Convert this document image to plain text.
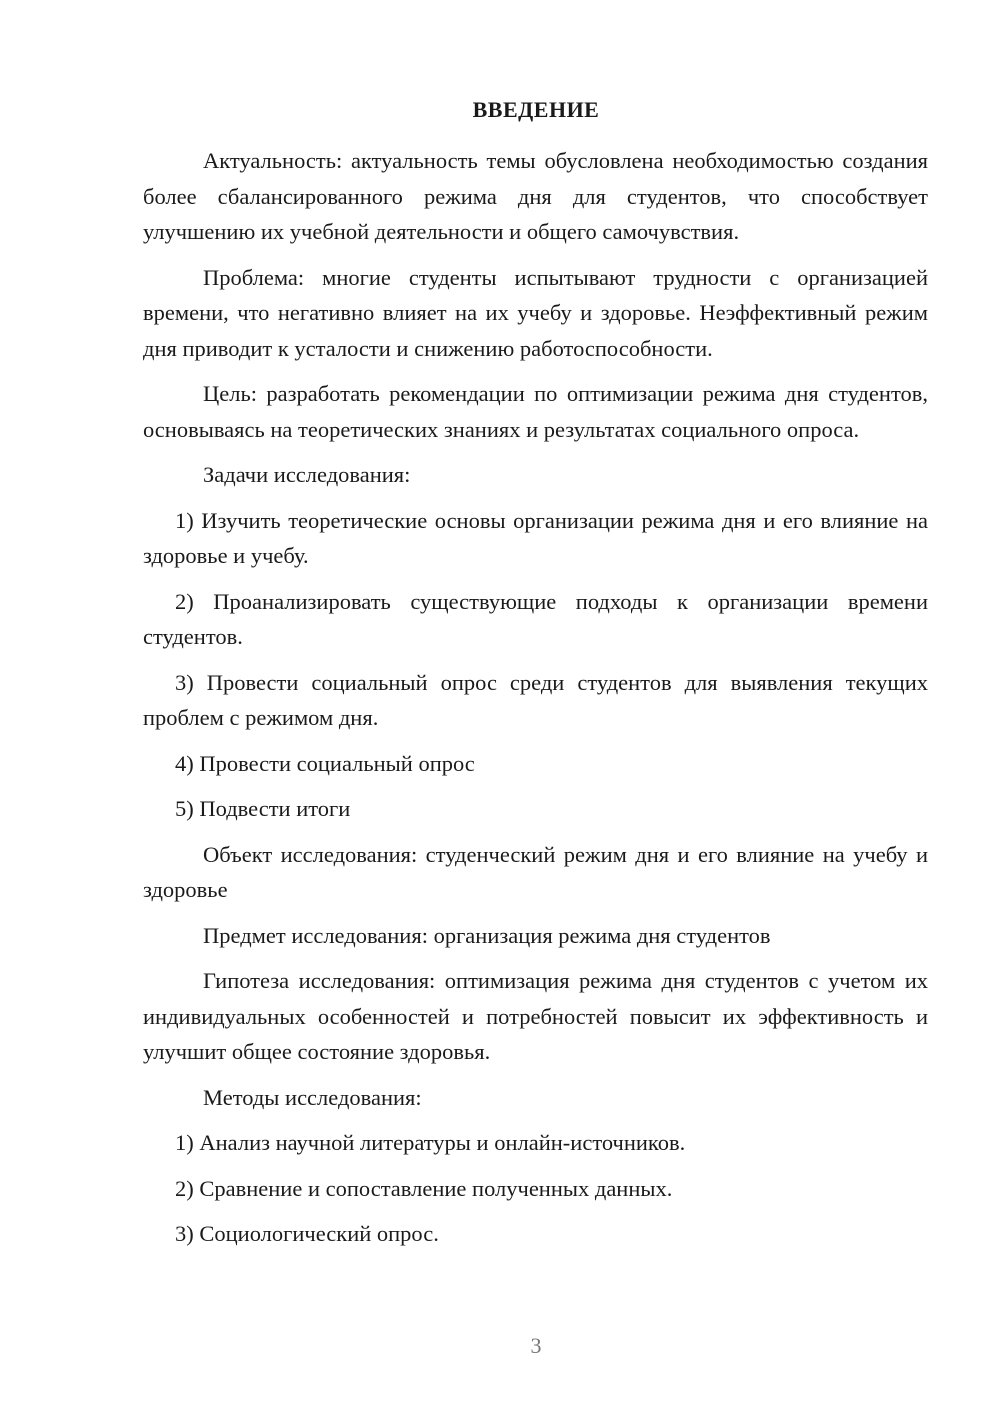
ВВЕДЕНИЕ

Актуальность: актуальность темы обусловлена необходимостью создания более сбалансированного режима дня для студентов, что способствует улучшению их учебной деятельности и общего самочувствия.

Проблема: многие студенты испытывают трудности с организацией времени, что негативно влияет на их учебу и здоровье. Неэффективный режим дня приводит к усталости и снижению работоспособности.

Цель: разработать рекомендации по оптимизации режима дня студентов, основываясь на теоретических знаниях и результатах социального опроса.

Задачи исследования:

1) Изучить теоретические основы организации режима дня и его влияние на здоровье и учебу.

2) Проанализировать существующие подходы к организации времени студентов.

3) Провести социальный опрос среди студентов для выявления текущих проблем с режимом дня.

4) Провести социальный опрос

5) Подвести итоги

Объект исследования: студенческий режим дня и его влияние на учебу и здоровье

Предмет исследования: организация режима дня студентов

Гипотеза исследования: оптимизация режима дня студентов с учетом их индивидуальных особенностей и потребностей повысит их эффективность и улучшит общее состояние здоровья.

Методы исследования:

1) Анализ научной литературы и онлайн-источников.

2) Сравнение и сопоставление полученных данных.

3) Социологический опрос.

3
